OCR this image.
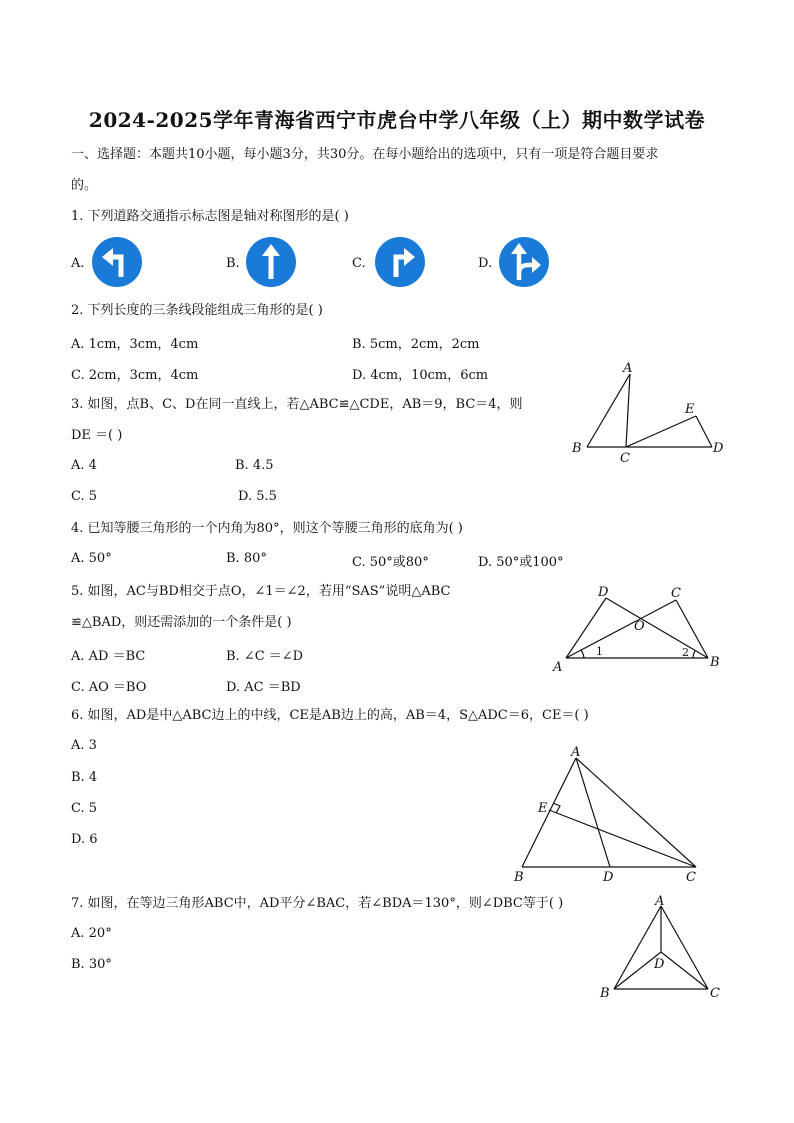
2024-2025学年青海省西宁市虎台中学八年级（上）期中数学试卷
一、选择题：本题共10小题，每小题3分，共30分。在每小题给出的选项中，只有一项是符合题目要求
的。
1. 下列道路交通指示标志图是轴对称图形的是( )
A.	B.	C.	D.
2. 下列长度的三条线段能组成三角形的是( )
A. 1cm，3cm，4cm	B. 5cm，2cm，2cm
C. 2cm，3cm，4cm	D. 4cm，10cm，6cm
3. 如图，点B、C、D在同一直线上，若△ABC≌△CDE，AB＝9，BC＝4，则
DE ＝( )
A. 4	B. 4.5
C. 5	D. 5.5
A
B
C
D
E
4. 已知等腰三角形的一个内角为80°，则这个等腰三角形的底角为( )
A. 50°	B. 80°	C. 50°或80°	D. 50°或100°
5. 如图，AC与BD相交于点O，∠1＝∠2，若用“SAS”说明△ABC
≌△BAD，则还需添加的一个条件是( )
A. AD ＝BC	B. ∠C ＝∠D
C. AO ＝BO	D. AC ＝BD
A	B
C
D
O
1	2
6. 如图，AD是中△ABC边上的中线，CE是AB边上的高，AB＝4，S△ADC＝6，CE＝( )
A. 3
B. 4
C. 5
D. 6
A
B	C
D
E
7. 如图，在等边三角形ABC中，AD平分∠BAC，若∠BDA＝130°，则∠DBC等于( )
A. 20°
B. 30°
A
B	C
D
